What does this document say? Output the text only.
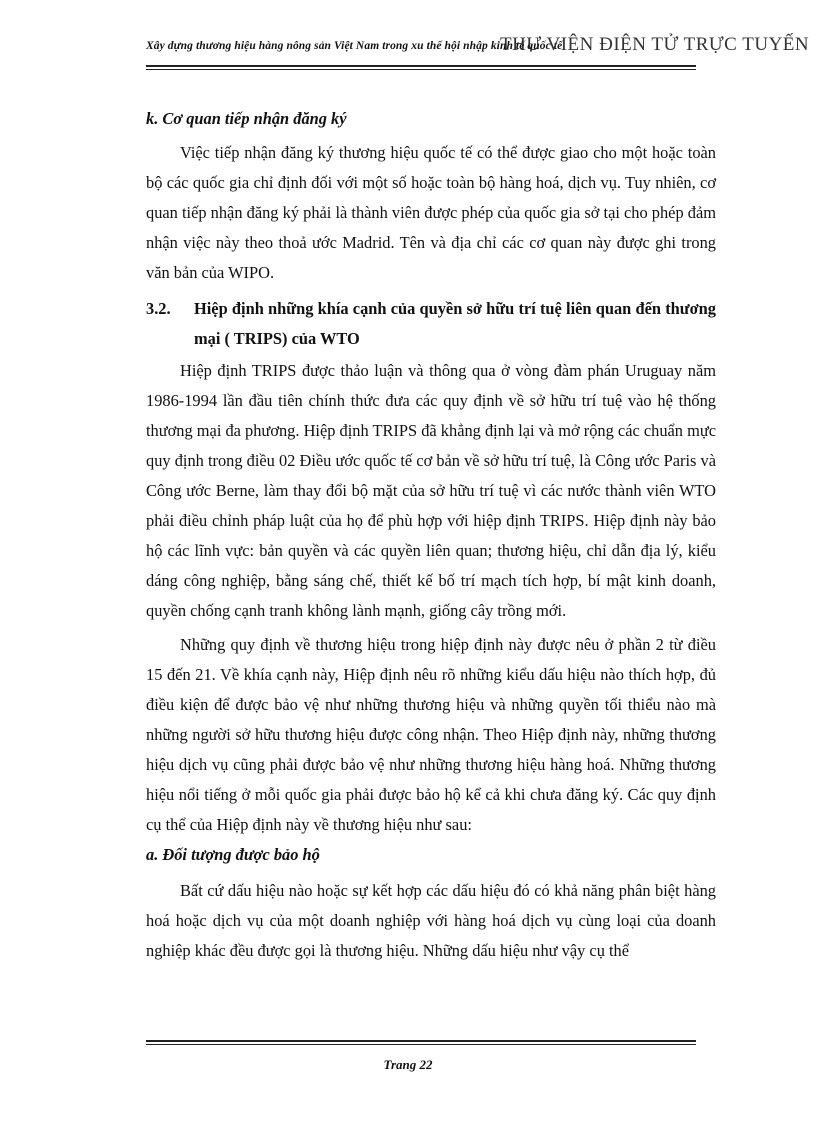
Xây dựng thương hiệu hàng nông sản Việt Nam trong xu thế hội nhập kinh tế quốc tế
THƯ VIỆN ĐIỆN TỬ TRỰC TUYẾN
k. Cơ quan tiếp nhận đăng ký

Việc tiếp nhận đăng ký thương hiệu quốc tế có thể được giao cho một hoặc toàn bộ các quốc gia chỉ định đối với một số hoặc toàn bộ hàng hoá, dịch vụ. Tuy nhiên, cơ quan tiếp nhận đăng ký phải là thành viên được phép của quốc gia sở tại cho phép đảm nhận việc này theo thoả ước Madrid. Tên và địa chỉ các cơ quan này được ghi trong văn bản của WIPO.

3.2.	Hiệp định những khía cạnh của quyền sở hữu trí tuệ liên quan đến thương mại ( TRIPS) của WTO

Hiệp định TRIPS được thảo luận và thông qua ở vòng đàm phán Uruguay năm 1986-1994 lần đầu tiên chính thức đưa các quy định về sở hữu trí tuệ vào hệ thống thương mại đa phương. Hiệp định TRIPS đã khẳng định lại và mở rộng các chuẩn mực quy định trong điều 02 Điều ước quốc tế cơ bản về sở hữu trí tuệ, là Công ước Paris và Công ước Berne, làm thay đổi bộ mặt của sở hữu trí tuệ vì các nước thành viên WTO phải điều chỉnh pháp luật của họ để phù hợp với hiệp định TRIPS. Hiệp định này bảo hộ các lĩnh vực: bản quyền và các quyền liên quan; thương hiệu, chỉ dẫn địa lý, kiểu dáng công nghiệp, bằng sáng chế, thiết kế bố trí mạch tích hợp, bí mật kinh doanh, quyền chống cạnh tranh không lành mạnh, giống cây trồng mới.

Những quy định về thương hiệu trong hiệp định này được nêu ở phần 2 từ điều 15 đến 21. Về khía cạnh này, Hiệp định nêu rõ những kiểu dấu hiệu nào thích hợp, đủ điều kiện để được bảo vệ như những thương hiệu và những quyền tối thiểu nào mà những người sở hữu thương hiệu được công nhận. Theo Hiệp định này, những thương hiệu dịch vụ cũng phải được bảo vệ như những thương hiệu hàng hoá. Những thương hiệu nổi tiếng ở mỗi quốc gia phải được bảo hộ kể cả khi chưa đăng ký. Các quy định cụ thể của Hiệp định này về thương hiệu như sau:

a. Đối tượng được bảo hộ

Bất cứ dấu hiệu nào hoặc sự kết hợp các dấu hiệu đó có khả năng phân biệt hàng hoá hoặc dịch vụ của một doanh nghiệp với hàng hoá dịch vụ cùng loại của doanh nghiệp khác đều được gọi là thương hiệu. Những dấu hiệu như vậy cụ thể

Trang 22
